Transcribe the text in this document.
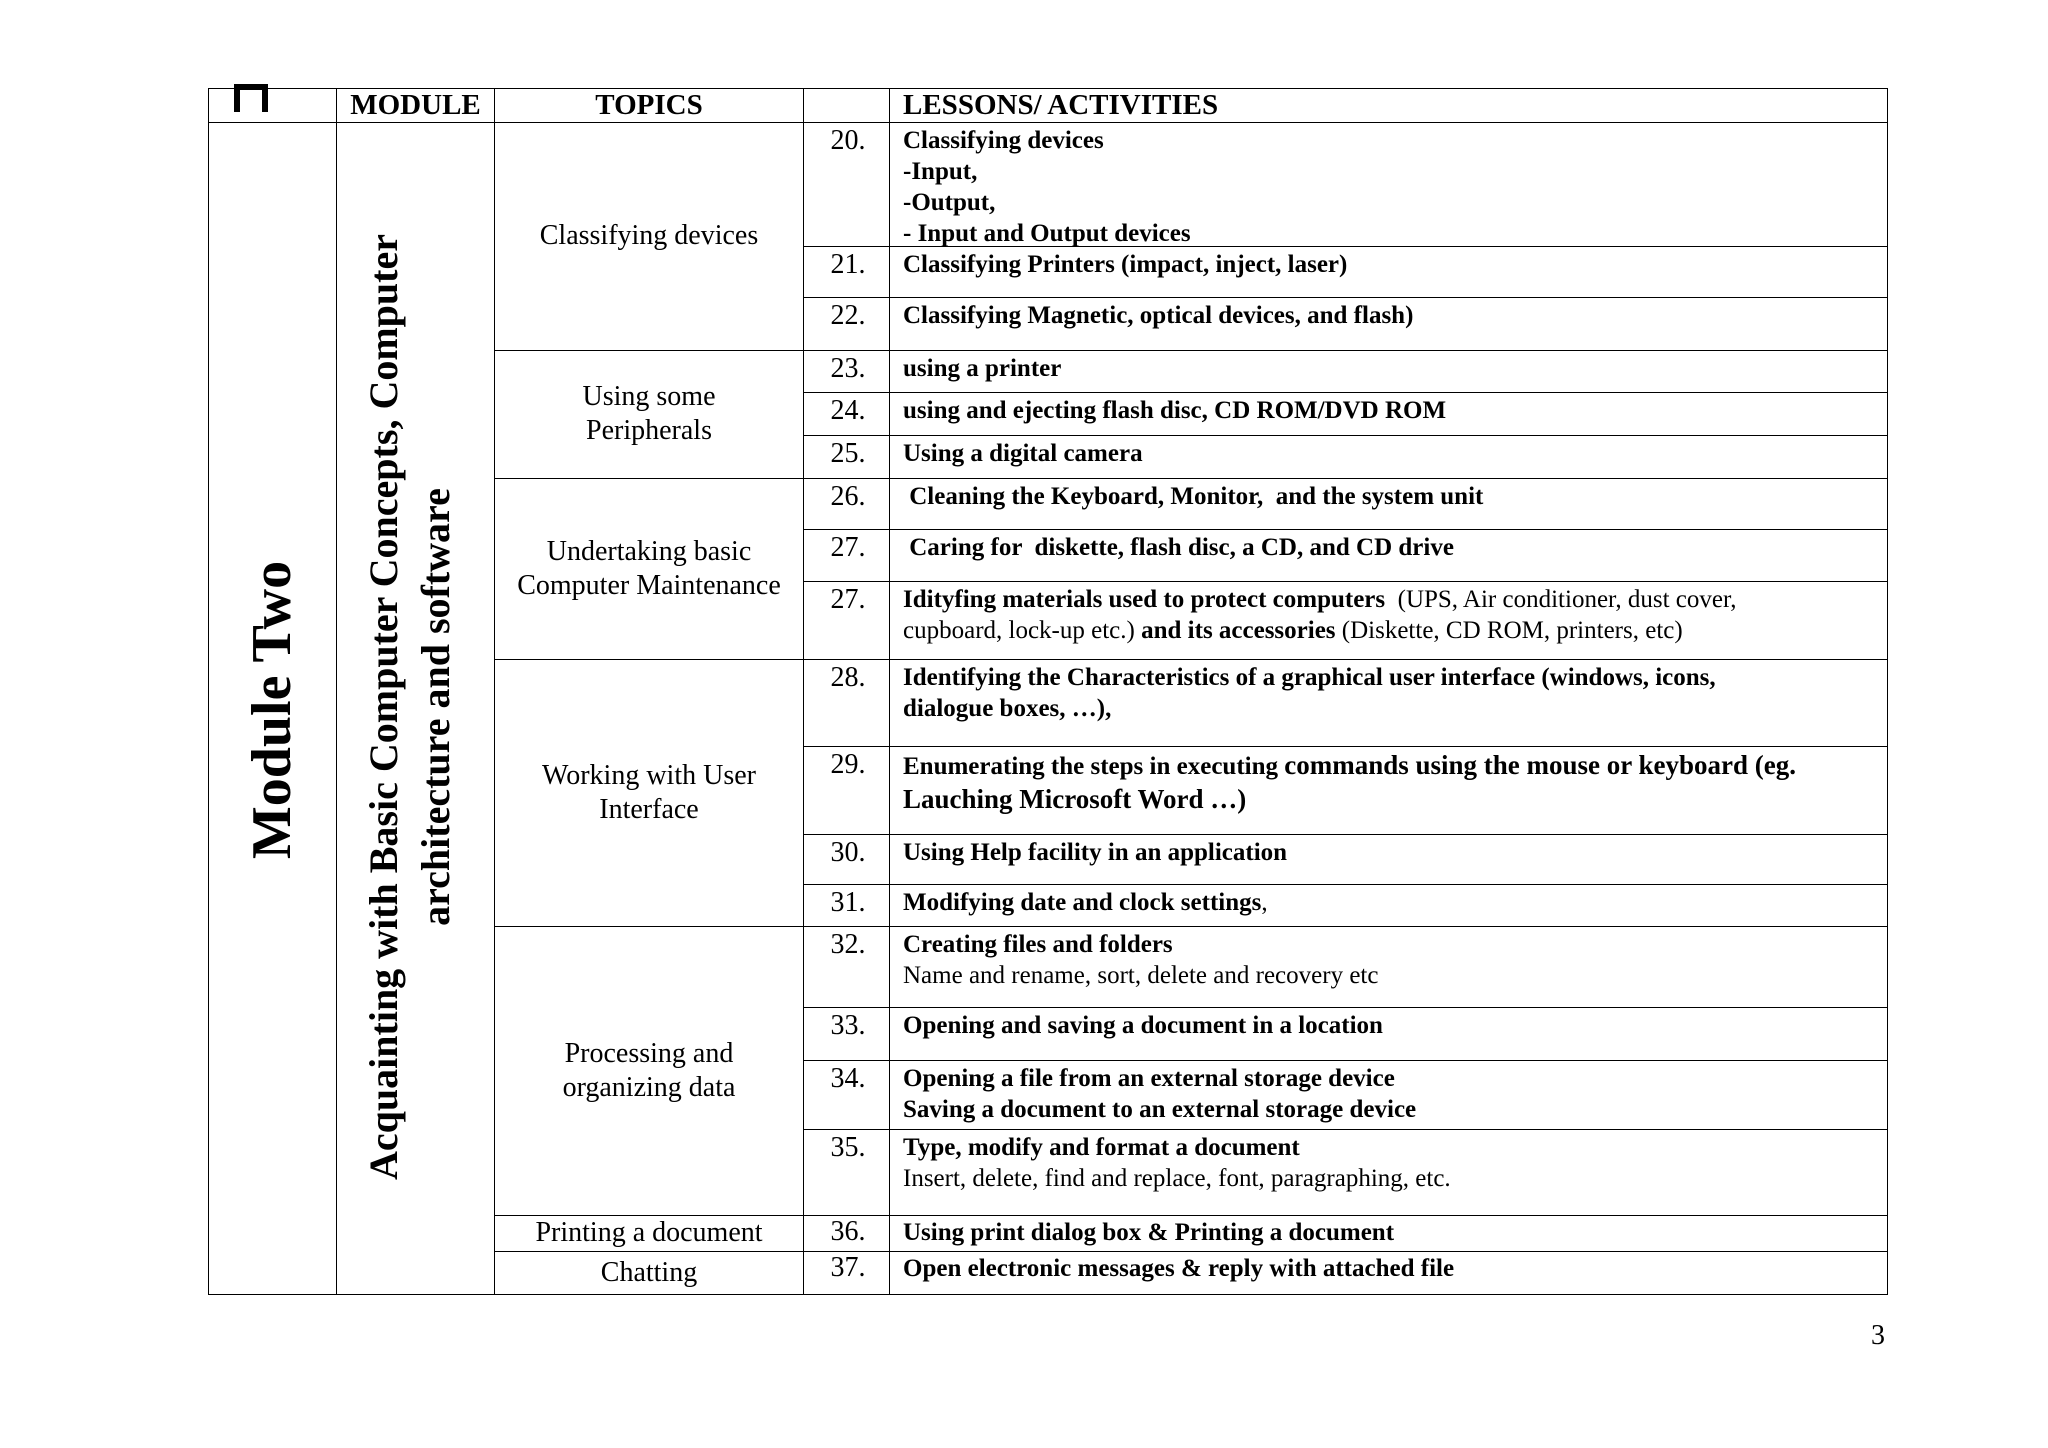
MODULE	TOPICS	LESSONS/ ACTIVITIES
Module Two Acquainting with Basic Computer Concepts, Computer architecture and software
Classifying devices
Using some Peripherals
Undertaking basic Computer Maintenance
Working with User Interface
Processing and organizing data
Printing a document
Chatting
20.
21.
22.
23.
24.
25.
26.
27.
27.
28.
29.
30.
31.
32.
33.
34.
35.
36.
37.
Classifying devices
-Input,
-Output,
- Input and Output devices
Classifying Printers (impact, inject, laser)
Classifying Magnetic, optical devices, and flash)
using a printer
using and ejecting flash disc, CD ROM/DVD ROM
Using a digital camera
Cleaning the Keyboard, Monitor,  and the system unit
Caring for  diskette, flash disc, a CD, and CD drive
Idityfing materials used to protect computers  (UPS, Air conditioner, dust cover, cupboard, lock-up etc.) and its accessories (Diskette, CD ROM, printers, etc)
Identifying the Characteristics of a graphical user interface (windows, icons,
dialogue boxes, …),
Enumerating the steps in executing commands using the mouse or keyboard (eg. Lauching Microsoft Word …)
Using Help facility in an application
Modifying date and clock settings,
Creating files and folders
Name and rename, sort, delete and recovery etc
Opening and saving a document in a location
Opening a file from an external storage device
Saving a document to an external storage device
Type, modify and format a document
Insert, delete, find and replace, font, paragraphing, etc.
Using print dialog box & Printing a document
Open electronic messages & reply with attached file
3
